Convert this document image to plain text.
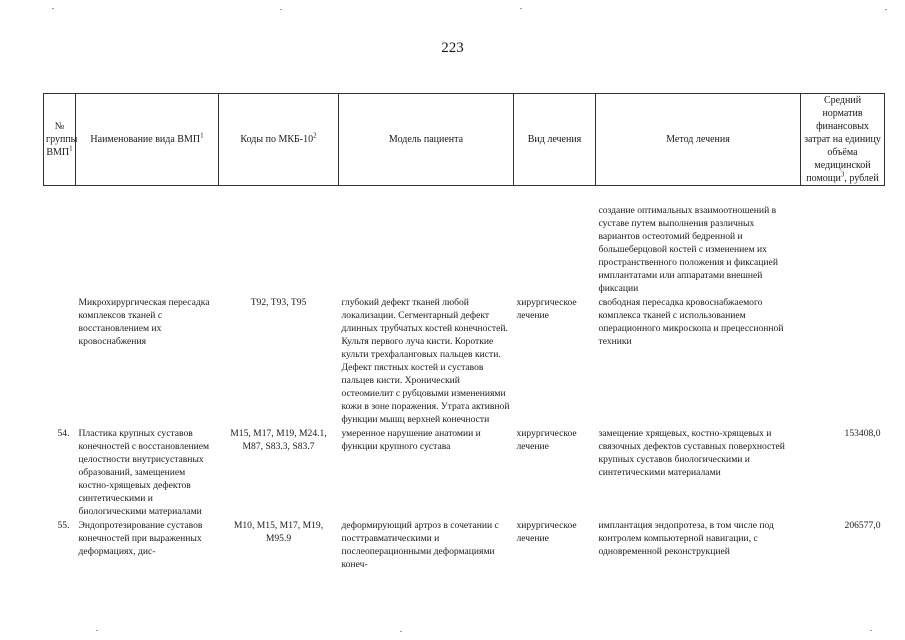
223
№ группы ВМП$^1$	Наименование вида ВМП$^1$	Коды по МКБ-$10^2$	Модель пациента	Вид лечения	Метод лечения	Средний норматив финансовых затрат на единицу объёма медицинской помощи$^3$, рублей

					создание оптимальных взаимоотношений в суставе путем выполнения различных вариантов остеотомий бедренной и большеберцовой костей с изменением их пространственного положения и фиксацией имплантатами или аппаратами внешней фиксации	
	Микрохирургическая пересадка комплексов тканей с восстановлением их кровоснабжения	T92, T93, T95	глубокий дефект тканей любой локализации. Сегментарный дефект длинных трубчатых костей конечностей. Культя первого луча кисти. Короткие культи трехфаланговых пальцев кисти. Дефект пястных костей и суставов пальцев кисти. Хронический остеомиелит с рубцовыми изменениями кожи в зоне поражения. Утрата активной функции мышц верхней конечности	хирургическое лечение	свободная пересадка кровоснабжаемого комплекса тканей с использованием операционного микроскопа и прецессионной техники	
54.	Пластика крупных суставов конечностей с восстановлением целостности внутрисуставных образований, замещением костно-хрящевых дефектов синтетическими и биологическими материалами	M15, M17, M19, M24.1, M87, S83.3, S83.7	умеренное нарушение анатомии и функции крупного сустава	хирургическое лечение	замещение хрящевых, костно-хрящевых и связочных дефектов суставных поверхностей крупных суставов биологическими и синтетическими материалами	153408,0
55.	Эндопротезирование суставов конечностей при выраженных деформациях, дис-	M10, M15, M17, M19, M95.9	деформирующий артроз в сочетании с посттравматическими и послеоперационными деформациями конеч-	хирургическое лечение	имплантация эндопротеза, в том числе под контролем компьютерной навигации, с одновременной реконструкцией	206577,0
